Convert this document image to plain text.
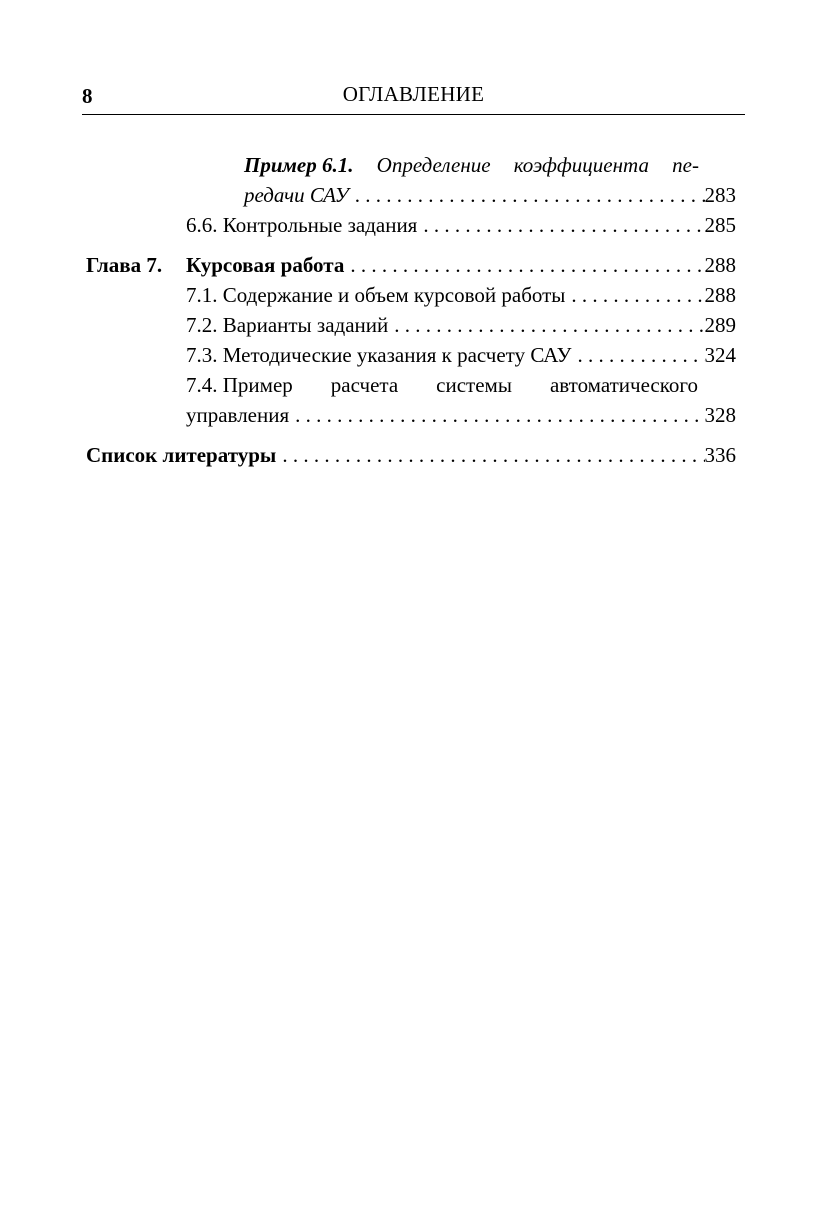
8	ОГЛАВЛЕНИЕ
Пример 6.1. Определение коэффициента пе-
редачи САУ . . .	283
6.6. Контрольные задания . . .	285
Глава 7. Курсовая работа . . .	288
7.1. Содержание и объем курсовой работы . . .	288
7.2. Варианты заданий . . .	289
7.3. Методические указания к расчету САУ . . .	324
7.4. Пример расчета системы автоматического
управления . . .	328
Список литературы . . .	336
